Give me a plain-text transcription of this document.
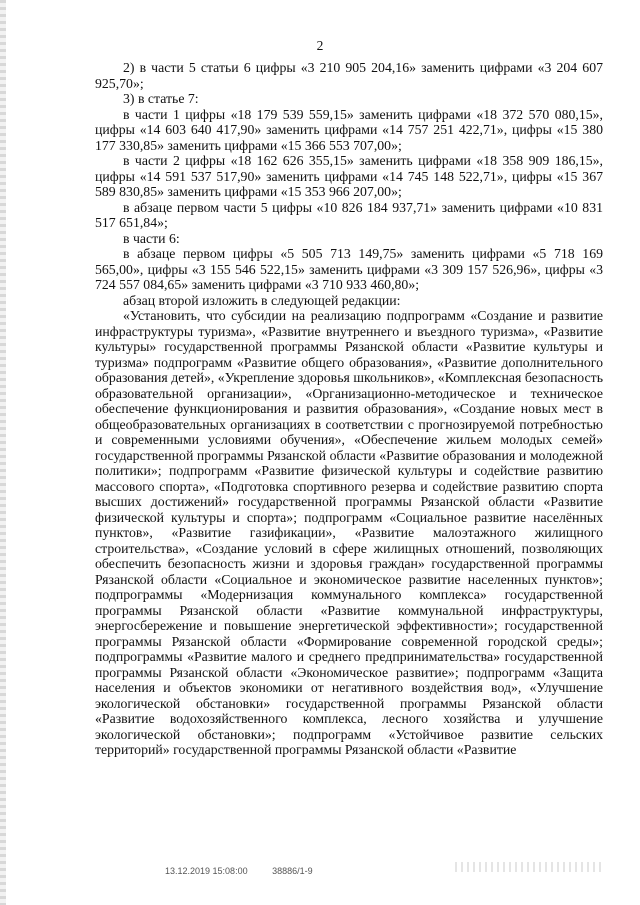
2

2) в части 5 статьи 6 цифры «3 210 905 204,16» заменить цифрами «3 204 607 925,70»;

3) в статье 7:

в части 1 цифры «18 179 539 559,15» заменить цифрами «18 372 570 080,15», цифры «14 603 640 417,90» заменить цифрами «14 757 251 422,71», цифры «15 380 177 330,85» заменить цифрами «15 366 553 707,00»;

в части 2 цифры «18 162 626 355,15» заменить цифрами «18 358 909 186,15», цифры «14 591 537 517,90» заменить цифрами «14 745 148 522,71», цифры «15 367 589 830,85» заменить цифрами «15 353 966 207,00»;

в абзаце первом части 5 цифры «10 826 184 937,71» заменить цифрами «10 831 517 651,84»;

в части 6:

в абзаце первом цифры «5 505 713 149,75» заменить цифрами «5 718 169 565,00», цифры «3 155 546 522,15» заменить цифрами «3 309 157 526,96», цифры «3 724 557 084,65» заменить цифрами «3 710 933 460,80»;

абзац второй изложить в следующей редакции:

«Установить, что субсидии на реализацию подпрограмм «Создание и развитие инфраструктуры туризма», «Развитие внутреннего и въездного туризма», «Развитие культуры» государственной программы Рязанской области «Развитие культуры и туризма» подпрограмм «Развитие общего образования», «Развитие дополнительного образования детей», «Укрепление здоровья школьников», «Комплексная безопасность образовательной организации», «Организационно-методическое и техническое обеспечение функционирования и развития образования», «Создание новых мест в общеобразовательных организациях в соответствии с прогнозируемой потребностью и современными условиями обучения», «Обеспечение жильем молодых семей» государственной программы Рязанской области «Развитие образования и молодежной политики»; подпрограмм «Развитие физической культуры и содействие развитию массового спорта», «Подготовка спортивного резерва и содействие развитию спорта высших достижений» государственной программы Рязанской области «Развитие физической культуры и спорта»; подпрограмм «Социальное развитие населённых пунктов», «Развитие газификации», «Развитие малоэтажного жилищного строительства», «Создание условий в сфере жилищных отношений, позволяющих обеспечить безопасность жизни и здоровья граждан» государственной программы Рязанской области «Социальное и экономическое развитие населенных пунктов»; подпрограммы «Модернизация коммунального комплекса» государственной программы Рязанской области «Развитие коммунальной инфраструктуры, энергосбережение и повышение энергетической эффективности»; государственной программы Рязанской области «Формирование современной городской среды»; подпрограммы «Развитие малого и среднего предпринимательства» государственной программы Рязанской области «Экономическое развитие»; подпрограмм «Защита населения и объектов экономики от негативного воздействия вод», «Улучшение экологической обстановки» государственной программы Рязанской области «Развитие водохозяйственного комплекса, лесного хозяйства и улучшение экологической обстановки»; подпрограмм «Устойчивое развитие сельских территорий» государственной программы Рязанской области «Развитие

13.12.2019 15:08:00	38886/1-9
